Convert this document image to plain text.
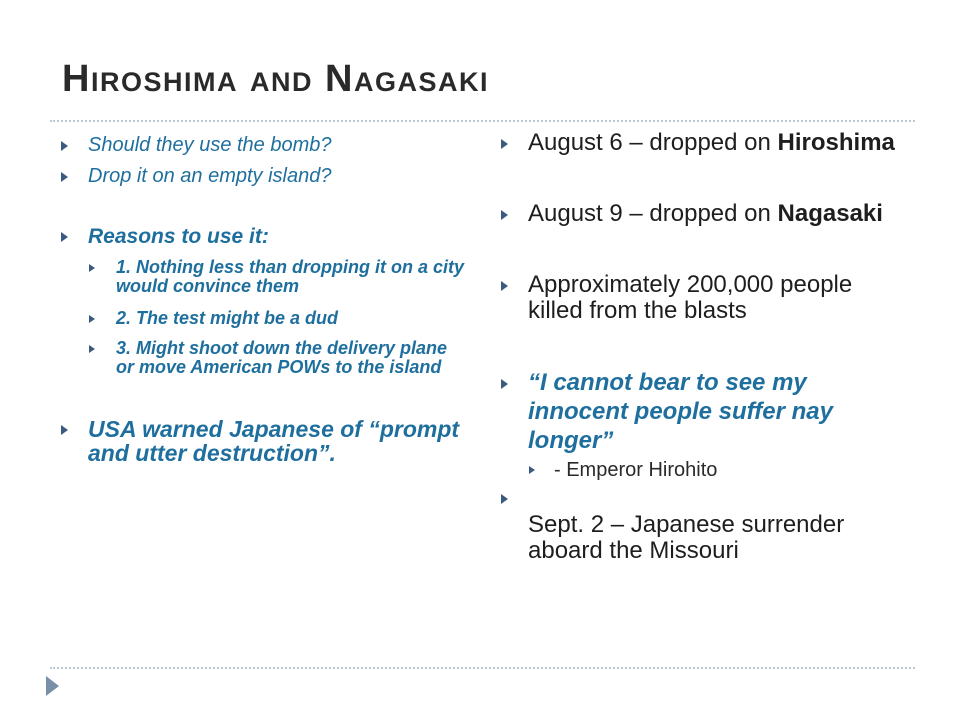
Hiroshima and Nagasaki
Should they use the bomb?
Drop it on an empty island?
Reasons to use it:
1. Nothing less than dropping it on a city would convince them
2. The test might be a dud
3. Might shoot down the delivery plane or move American POWs to the island
USA warned Japanese of “prompt and utter destruction”.
August 6 – dropped on Hiroshima
August 9 – dropped on Nagasaki
Approximately 200,000 people killed from the blasts
“I cannot bear to see my innocent people suffer nay longer”
- Emperor Hirohito
Sept. 2 – Japanese surrender aboard the Missouri
